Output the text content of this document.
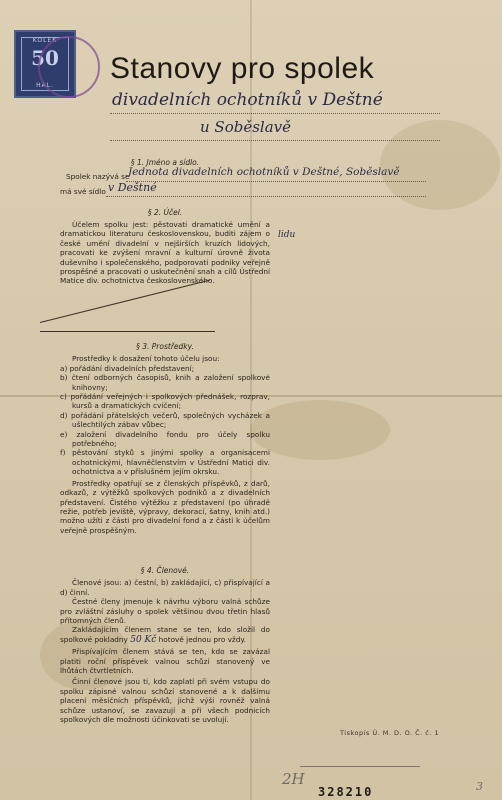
KOLEK
50
HAL.
Stanovy pro spolek
divadelních ochotníků v Deštné
u Soběslavě
§ 1. Jméno a sídlo.
Spolek nazývá se
Jednota divadelních ochotníků v Deštné, Soběslavě
má své sídlo v Deštné
§ 2. Účel.
Účelem spolku jest: pěstovati dramatické umění a dramatickou literaturu československou, buditi zájem o české umění divadelní v nejširších kruzích lidových, pracovati ke zvýšení mravní a kulturní úrovně života duševního i společenského, podporovati podniky veřejně prospěšné a pracovati o uskutečnění snah a cílů Ústřední Matice div. ochotnictva československého.
lidu

§ 3. Prostředky.

Prostředky k dosažení tohoto účelu jsou:

a) pořádání divadelních představení;

b) čtení odborných časopisů, knih a založení spolkové knihovny;

c) pořádání veřejných i spolkových přednášek, rozprav, kursů a dramatických cvičení;

d) pořádání přátelských večerů, společných vycházek a ušlechtilých zábav vůbec;

e) založení divadelního fondu pro účely spolku potřebného;

f) pěstování styků s jinými spolky a organisacemi ochotnickými, hlavněčlenstvím v Ústřední Matici div. ochotnictva a v příslušném jejím okrsku.

Prostředky opatřují se z členských příspěvků, z darů, odkazů, z výtěžků spolkových podniků a z divadelních představení. Čistého výtěžku z představení (po úhradě režie, potřeb jeviště, výpravy, dekorací, šatny, knih atd.) možno užíti z části pro divadelní fond a z části k účelům veřejně prospěšným.

§ 4. Členové.

Členové jsou: a) čestní, b) zakládající, c) přispívající a d) činní.

Čestné členy jmenuje k návrhu výboru valná schůze pro zvláštní zásluhy o spolek většinou dvou třetin hlasů přítomných členů.

Zakládajícím členem stane se ten, kdo složil do spolkové pokladny 50 Kč hotově jednou pro vždy.

Přispívajícím členem stává se ten, kdo se zavázal platiti roční příspěvek valnou schůzí stanovený ve lhůtách čtvrtletních.

Činní členové jsou ti, kdo zaplatí při svém vstupu do spolku zápisné valnou schůzí stanovené a k dalšímu placení měsíčních příspěvků, jichž výši rovněž valná schůze ustanoví, se zavazují a při všech podnicích spolkových dle možnosti účinkovati se uvolují.

Tiskopis Ú. M. D. O. Č. č. 1
2H
328210	3
